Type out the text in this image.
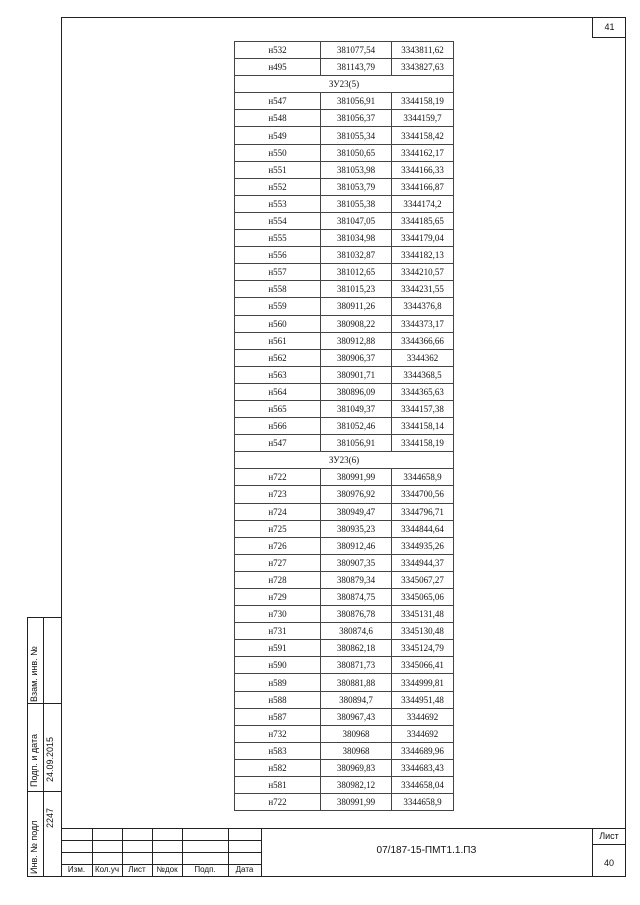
41
Взам. инв. №
Подп. и дата 24.09.2015
Инв. № подл
2247
н532	381077,54	3343811,62
н495	381143,79	3343827,63
ЗУ23(5)		
н547	381056,91	3344158,19
н548	381056,37	3344159,7
н549	381055,34	3344158,42
н550	381050,65	3344162,17
н551	381053,98	3344166,33
н552	381053,79	3344166,87
н553	381055,38	3344174,2
н554	381047,05	3344185,65
н555	381034,98	3344179,04
н556	381032,87	3344182,13
н557	381012,65	3344210,57
н558	381015,23	3344231,55
н559	380911,26	3344376,8
н560	380908,22	3344373,17
н561	380912,88	3344366,66
н562	380906,37	3344362
н563	380901,71	3344368,5
н564	380896,09	3344365,63
н565	381049,37	3344157,38
н566	381052,46	3344158,14
н547	381056,91	3344158,19
ЗУ23(6)		
н722	380991,99	3344658,9
н723	380976,92	3344700,56
н724	380949,47	3344796,71
н725	380935,23	3344844,64
н726	380912,46	3344935,26
н727	380907,35	3344944,37
н728	380879,34	3345067,27
н729	380874,75	3345065,06
н730	380876,78	3345131,48
н731	380874,6	3345130,48
н591	380862,18	3345124,79
н590	380871,73	3345066,41
н589	380881,88	3344999,81
н588	380894,7	3344951,48
н587	380967,43	3344692
н732	380968	3344692
н583	380968	3344689,96
н582	380969,83	3344683,43
н581	380982,12	3344658,04
н722	380991,99	3344658,9
Изм.	Кол.уч	Лист	№док	Подп.	Дата
07/187-15-ПМТ1.1.ПЗ
Лист
40
